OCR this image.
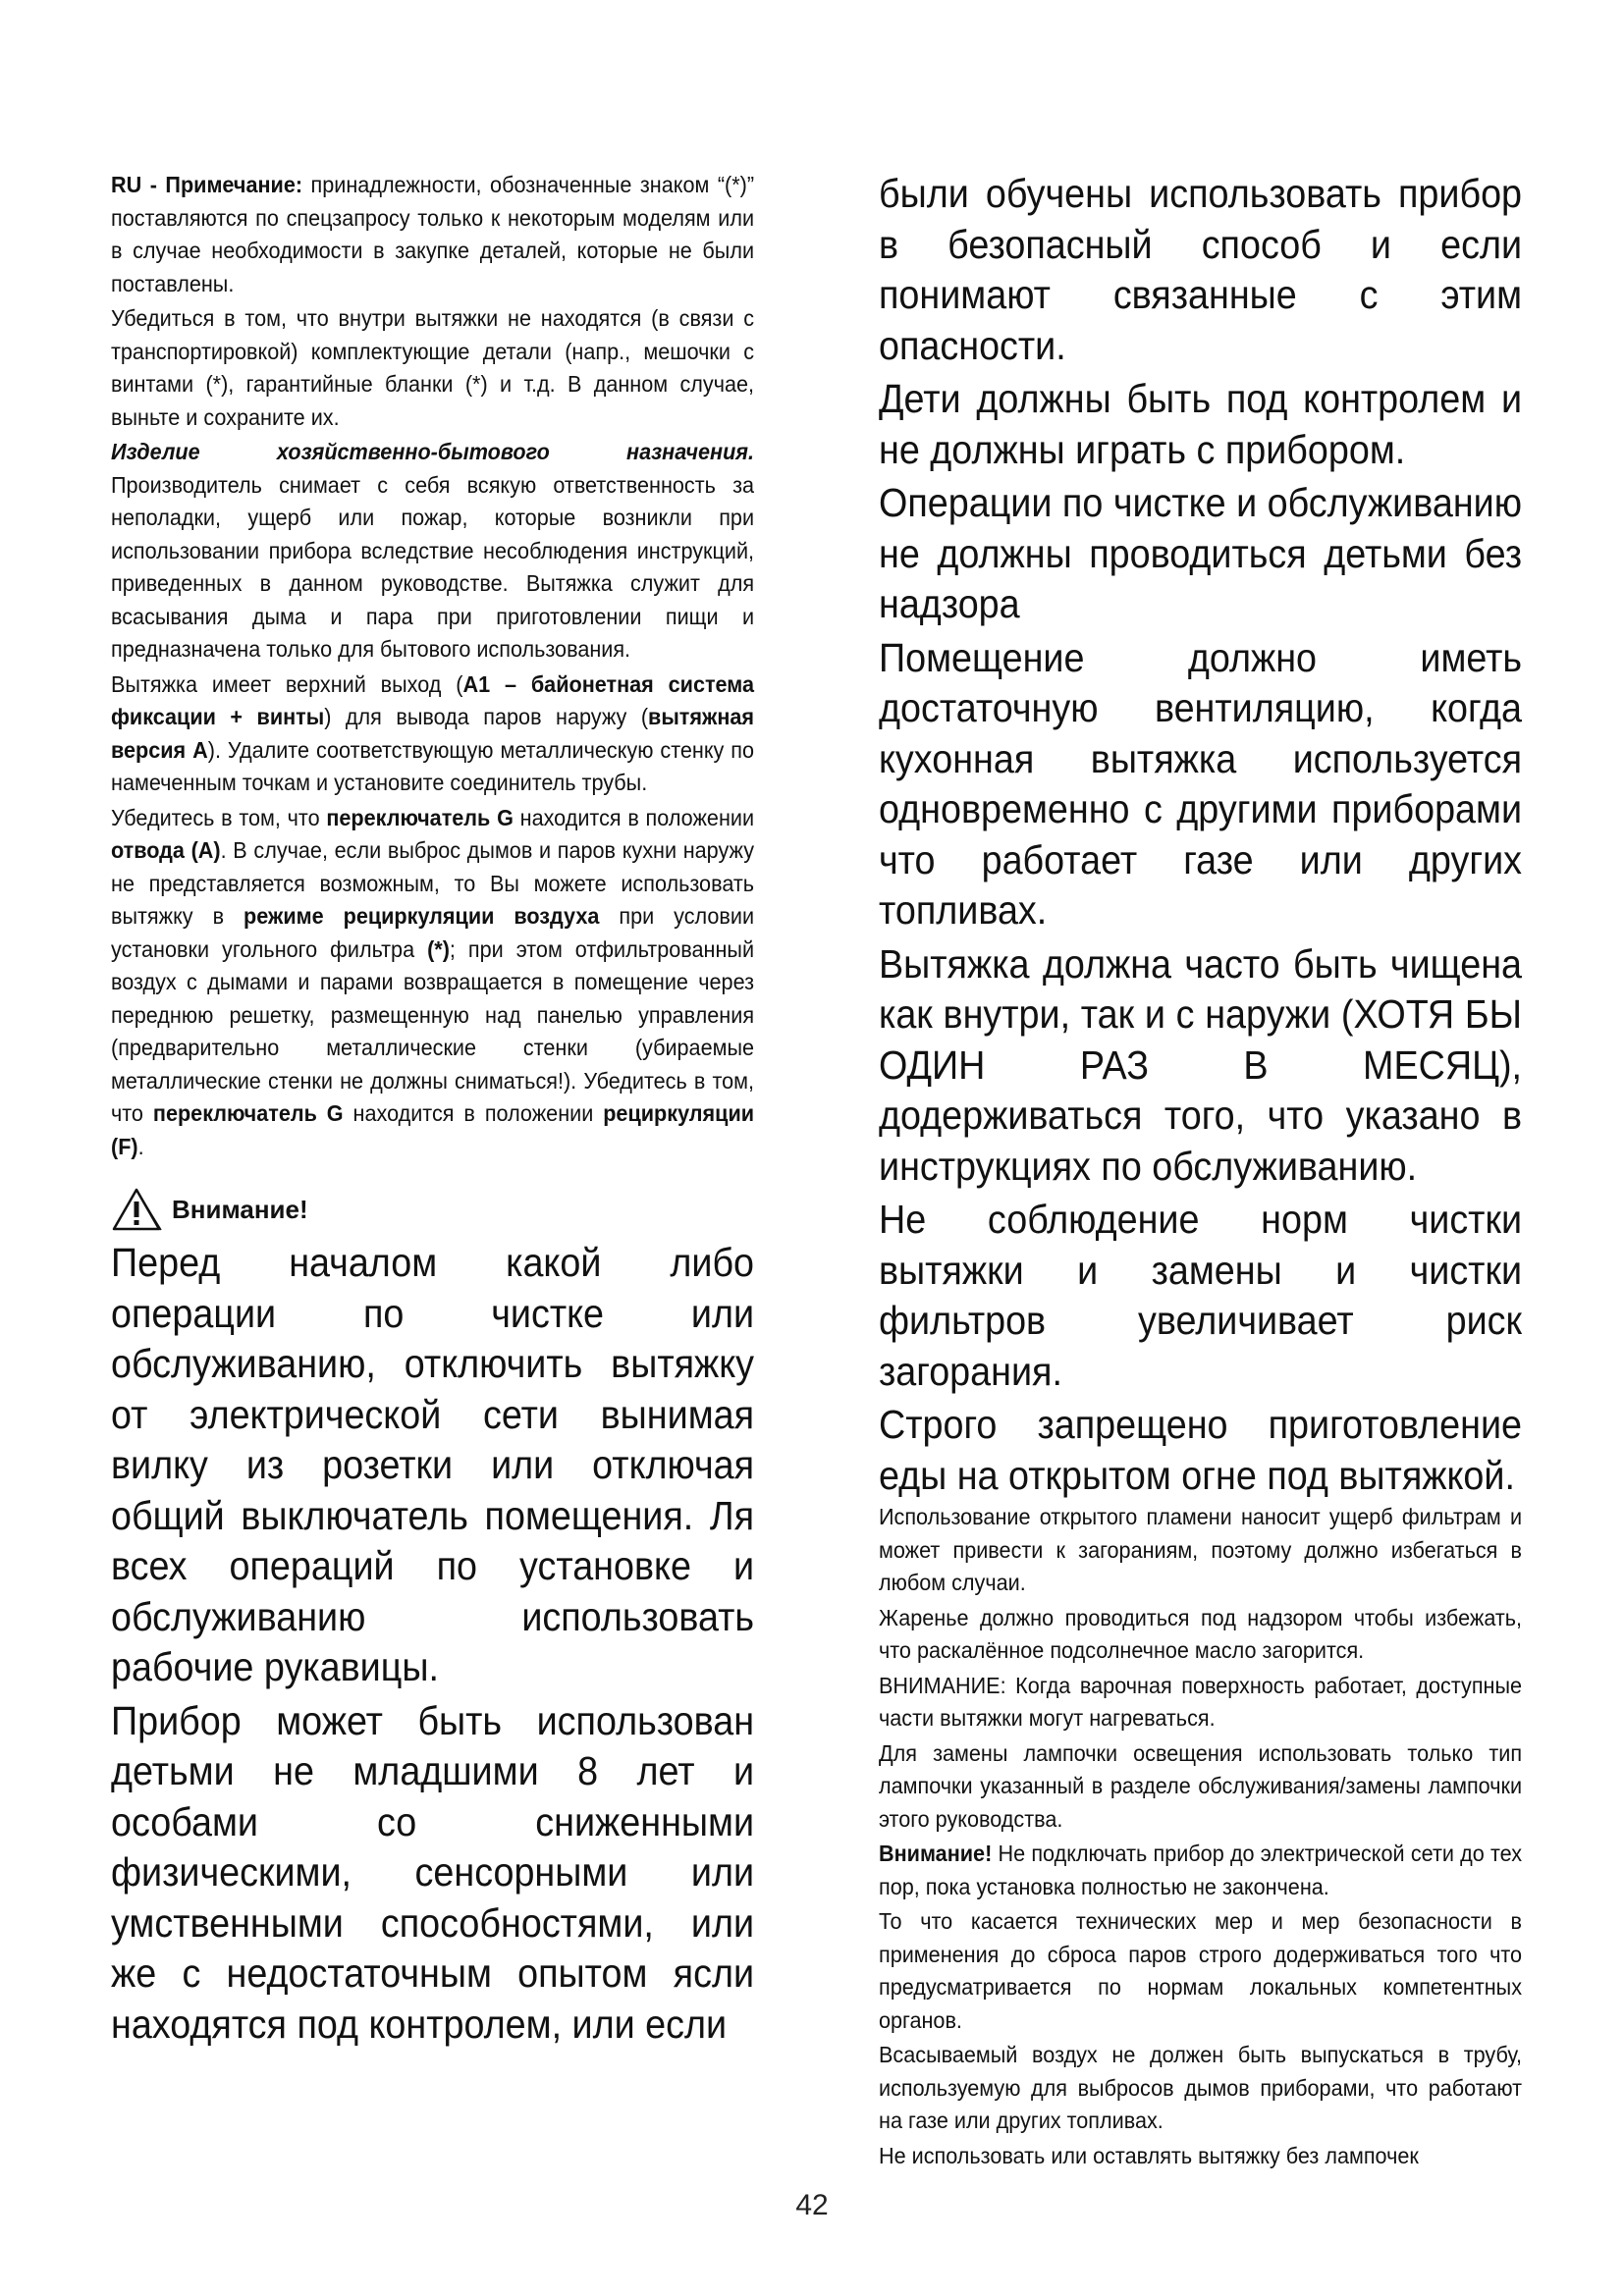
RU - Примечание: принадлежности, обозначенные знаком “(*)” поставляются по спецзапросу только к некоторым моделям или в случае необходимости в закупке деталей, которые не были поставлены.

Убедиться в том, что внутри вытяжки не находятся (в связи с транспортировкой) комплектующие детали (напр., мешочки с винтами (*), гарантийные бланки (*) и т.д. В данном случае, выньте и сохраните их.

Изделие хозяйственно-бытового назначения.
Производитель снимает с себя всякую ответственность за неполадки, ущерб или пожар, которые возникли при использовании прибора вследствие несоблюдения инструкций, приведенных в данном руководстве. Вытяжка служит для всасывания дыма и пара при приготовлении пищи и предназначена только для бытового использования.

Вытяжка имеет верхний выход (A1 – байонетная система фиксации + винты) для вывода паров наружу (вытяжная версия A). Удалите соответствующую металлическую стенку по намеченным точкам и установите соединитель трубы.

Убедитесь в том, что переключатель G находится в положении отвода (A). В случае, если выброс дымов и паров кухни наружу не представляется возможным, то Вы можете использовать вытяжку в режиме рециркуляции воздуха при условии установки угольного фильтра (*); при этом отфильтрованный воздух с дымами и парами возвращается в помещение через переднюю решетку, размещенную над панелью управления (предварительно металлические стенки (убираемые металлические стенки не должны сниматься!). Убедитесь в том, что переключатель G находится в положении рециркуляции (F).

Внимание!

Перед началом какой либо операции по чистке или обслуживанию, отключить вытяжку от электрической сети вынимая вилку из розетки или отключая общий выключатель помещения. Ля всех операций по установке и обслуживанию использовать рабочие рукавицы.

Прибор может быть использован детьми не младшими 8 лет и особами со сниженными физическими, сенсорными или умственными способностями, или же с недостаточным опытом ясли находятся под контролем, или если

были обучены использовать прибор в безопасный способ и если понимают связанные с этим опасности.

Дети должны быть под контролем и не должны играть с прибором.

Операции по чистке и обслуживанию не должны проводиться детьми без надзора

Помещение должно иметь достаточную вентиляцию, когда кухонная вытяжка используется одновременно с другими приборами что работает газе или других топливах.

Вытяжка должна часто быть чищена как внутри, так и с наружи (ХОТЯ БЫ ОДИН РАЗ В МЕСЯЦ), додерживаться того, что указано в инструкциях по обслуживанию.

Не соблюдение норм чистки вытяжки и замены и чистки фильтров увеличивает риск загорания.

Строго запрещено приготовление еды на открытом огне под вытяжкой.

Использование открытого пламени наносит ущерб фильтрам и может привести к загораниям, поэтому должно избегаться в любом случаи.

Жаренье должно проводиться под надзором чтобы избежать, что раскалённое подсолнечное масло загорится.

ВНИМАНИЕ: Когда варочная поверхность работает, доступные части вытяжки могут нагреваться.

Для замены лампочки освещения использовать только тип лампочки указанный в разделе обслуживания/замены лампочки этого руководства.

Внимание! Не подключать прибор до электрической сети до тех пор, пока установка полностью не закончена.

То что касается технических мер и мер безопасности в применения до сброса паров строго додерживаться того что предусматривается по нормам локальных компетентных органов.

Всасываемый воздух не должен быть выпускаться в трубу, используемую для выбросов дымов приборами, что работают на газе или других топливах.

Не использовать или оставлять вытяжку без лампочек

42
